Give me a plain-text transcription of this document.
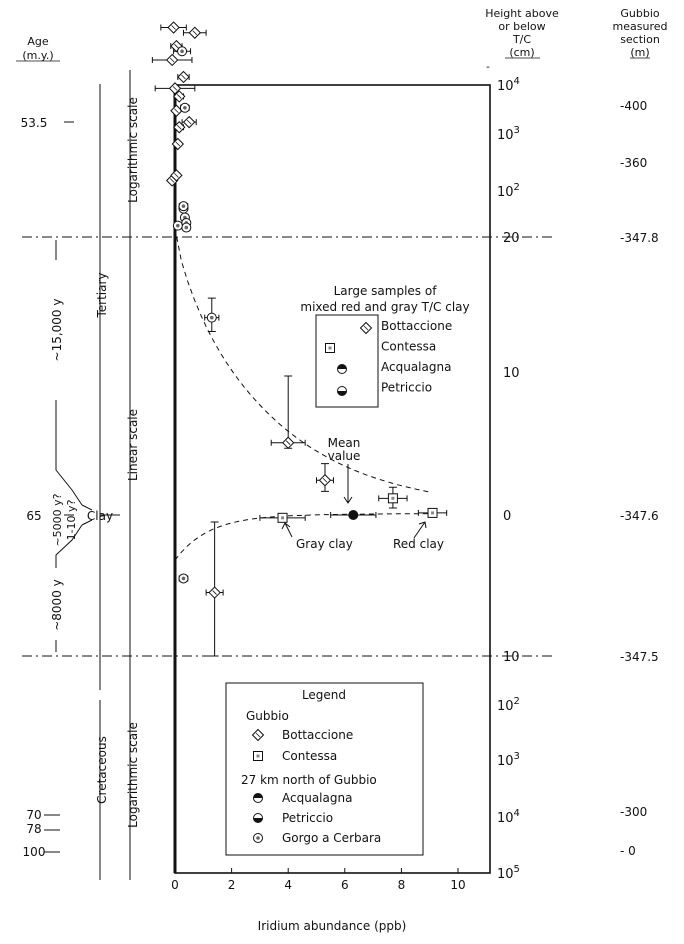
0	2	4	6	8	10
Iridium abundance (ppb)
$10^4$
$10^3$
$10^2$
20
10
0
10
$10^2$
$10^3$
$10^4$
$10^5$
Height above
or below
T/C
(cm)
-
Gubbio
measured
section
(m)
Age
(m.y.)
-400
-360
-347.8
-347.6
-347.5
-300
- 0
53.5
65
70
78
100
Tertiary
Cretaceous
Logarithmic scale
Linear scale
Logarithmic scale
~15,000 y
~5000 y? 1-10 y?
~8000 y
Clay
Large samples of
mixed red and gray T/C clay
Bottaccione
Contessa
Acqualagna
Petriccio
Mean
value
Gray clay	Red clay
Legend
Gubbio
27 km north of Gubbio
Bottaccione
Contessa
Acqualagna
Petriccio
Gorgo a Cerbara
